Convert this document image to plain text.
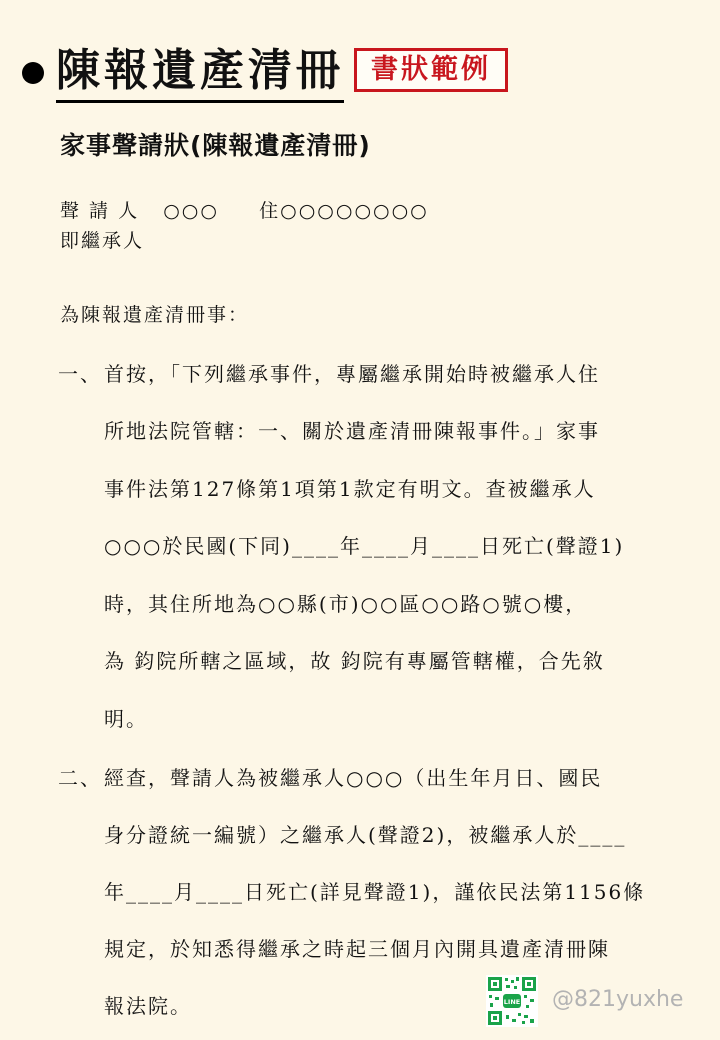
陳報遺產清冊	書狀範例
家事聲請狀(陳報遺產清冊)
聲 請 人   ○○○     住○○○○○○○○
即繼承人
為陳報遺產清冊事：
一、 首按，「下列繼承事件，專屬繼承開始時被繼承人住
所地法院管轄：一、關於遺產清冊陳報事件。」家事
事件法第127條第1項第1款定有明文。查被繼承人
○○○於民國(下同)____年____月____日死亡(聲證1)
時，其住所地為○○縣(市)○○區○○路○號○樓，
為 鈞院所轄之區域，故 鈞院有專屬管轄權，合先敘
明。
二、 經查，聲請人為被繼承人○○○（出生年月日、國民
身分證統一編號）之繼承人(聲證2)，被繼承人於____
年____月____日死亡(詳見聲證1)，謹依民法第1156條
規定，於知悉得繼承之時起三個月內開具遺產清冊陳
報法院。	LINE @821yuxhe
